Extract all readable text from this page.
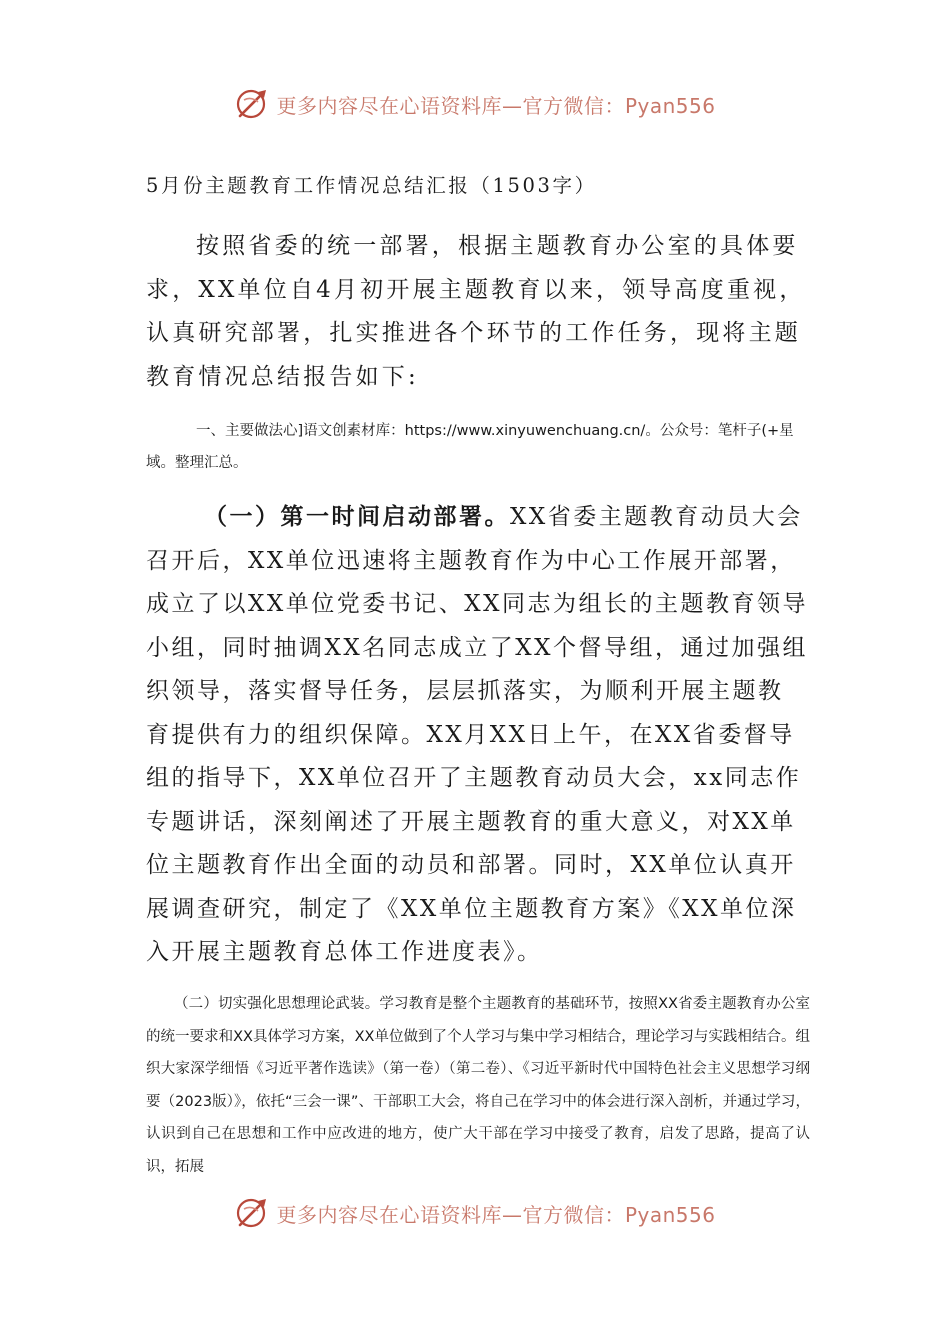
更多内容尽在心语资料库—官方微信：Pyan556
5月份主题教育工作情况总结汇报（1503字）

按照省委的统一部署，根据主题教育办公室的具体要求，XX单位自4月初开展主题教育以来，领导高度重视，认真研究部署，扎实推进各个环节的工作任务，现将主题教育情况总结报告如下:

一、主要做法心]语文创素材库：https://www.xinyuwenchuang.cn/。公众号：笔杆子(+星域。整理汇总。

（一）第一时间启动部署。XX省委主题教育动员大会召开后，XX单位迅速将主题教育作为中心工作展开部署，成立了以XX单位党委书记、XX同志为组长的主题教育领导小组，同时抽调XX名同志成立了XX个督导组，通过加强组织领导，落实督导任务，层层抓落实，为顺利开展主题教育提供有力的组织保障。XX月XX日上午，在XX省委督导组的指导下，XX单位召开了主题教育动员大会，xx同志作专题讲话，深刻阐述了开展主题教育的重大意义，对XX单位主题教育作出全面的动员和部署。同时，XX单位认真开展调查研究，制定了《XX单位主题教育方案》《XX单位深入开展主题教育总体工作进度表》。

（二）切实强化思想理论武装。学习教育是整个主题教育的基础环节，按照XX省委主题教育办公室的统一要求和XX具体学习方案，XX单位做到了个人学习与集中学习相结合，理论学习与实践相结合。组织大家深学细悟《习近平著作选读》（第一卷）（第二卷）、《习近平新时代中国特色社会主义思想学习纲要（2023版）》，依托“三会一课”、干部职工大会，将自己在学习中的体会进行深入剖析，并通过学习，认识到自己在思想和工作中应改进的地方，使广大干部在学习中接受了教育，启发了思路，提高了认识，拓展

更多内容尽在心语资料库—官方微信：Pyan556
